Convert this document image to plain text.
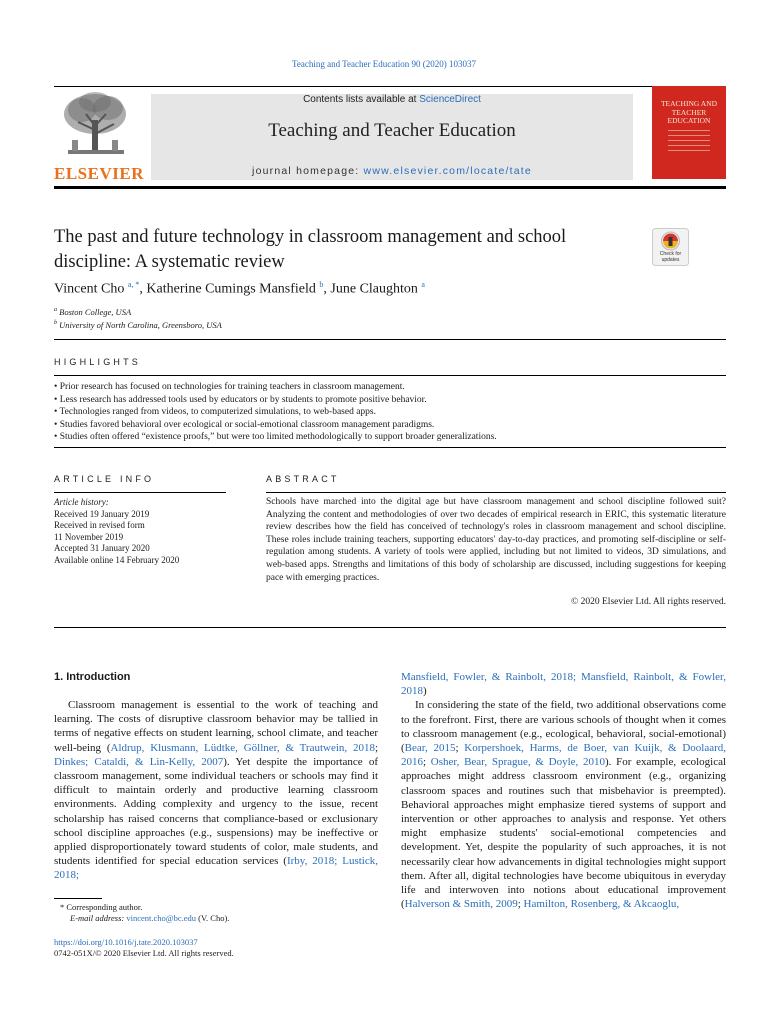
Teaching and Teacher Education 90 (2020) 103037
ELSEVIER
Contents lists available at ScienceDirect
Teaching and Teacher Education
journal homepage: www.elsevier.com/locate/tate
TEACHING AND TEACHER EDUCATION
The past and future technology in classroom management and school discipline: A systematic review	Check for updates
Vincent Cho $^{a, *}$, Katherine Cumings Mansfield $^b$, June Claughton $^a$
$^a$ Boston College, USA
$^b$ University of North Carolina, Greensboro, USA
HIGHLIGHTS
• Prior research has focused on technologies for training teachers in classroom management.
• Less research has addressed tools used by educators or by students to promote positive behavior.
• Technologies ranged from videos, to computerized simulations, to web-based apps.
• Studies favored behavioral over ecological or social-emotional classroom management paradigms.
• Studies often offered “existence proofs,” but were too limited methodologically to support broader generalizations.
ARTICLE INFO	ABSTRACT
Article history:
Received 19 January 2019
Received in revised form
11 November 2019
Accepted 31 January 2020
Available online 14 February 2020
Schools have marched into the digital age but have classroom management and school discipline followed suit? Analyzing the content and methodologies of over two decades of empirical research in ERIC, this systematic literature review describes how the field has conceived of technology's roles in classroom management and school discipline. These roles include training teachers, supporting educators' day-to-day practices, and promoting self-discipline or self-regulation among students. A variety of tools were applied, including but not limited to videos, 3D simulations, and web-based apps. Strengths and limitations of this body of scholarship are discussed, including suggestions for keeping pace with emerging practices.
© 2020 Elsevier Ltd. All rights reserved.
1. Introduction

Classroom management is essential to the work of teaching and learning. The costs of disruptive classroom behavior may be tallied in terms of negative effects on student learning, school climate, and teacher well-being (Aldrup, Klusmann, Lüdtke, Göllner, & Trautwein, 2018; Dinkes; Cataldi, & Lin-Kelly, 2007). Yet despite the importance of classroom management, some individual teachers or schools may find it difficult to maintain orderly and productive learning classroom environments. Adding complexity and urgency to the issue, recent scholarship has raised concerns that compliance-based or exclusionary school discipline approaches (e.g., suspensions) may be ineffective or applied disproportionately toward students of color, male students, and students identified for special education services (Irby, 2018; Lustick, 2018;

Mansfield, Fowler, & Rainbolt, 2018; Mansfield, Rainbolt, & Fowler, 2018)

In considering the state of the field, two additional observations come to the forefront. First, there are various schools of thought when it comes to classroom management (e.g., ecological, behavioral, social-emotional) (Bear, 2015; Korpershoek, Harms, de Boer, van Kuijk, & Doolaard, 2016; Osher, Bear, Sprague, & Doyle, 2010). For example, ecological approaches might address classroom environment (e.g., organizing classroom spaces and routines such that misbehavior is preempted). Behavioral approaches might emphasize tiered systems of support and intervention or other approaches to analysis and response. Yet others might emphasize students' social-emotional competencies and development. Yet, despite the popularity of such approaches, it is not necessarily clear how advancements in digital technologies might support them. After all, digital technologies have become ubiquitous in everyday life and interwoven into notions about educational improvement (Halverson & Smith, 2009; Hamilton, Rosenberg, & Akcaoglu,

* Corresponding author.
E-mail address: vincent.cho@bc.edu (V. Cho).
https://doi.org/10.1016/j.tate.2020.103037
0742-051X/© 2020 Elsevier Ltd. All rights reserved.
